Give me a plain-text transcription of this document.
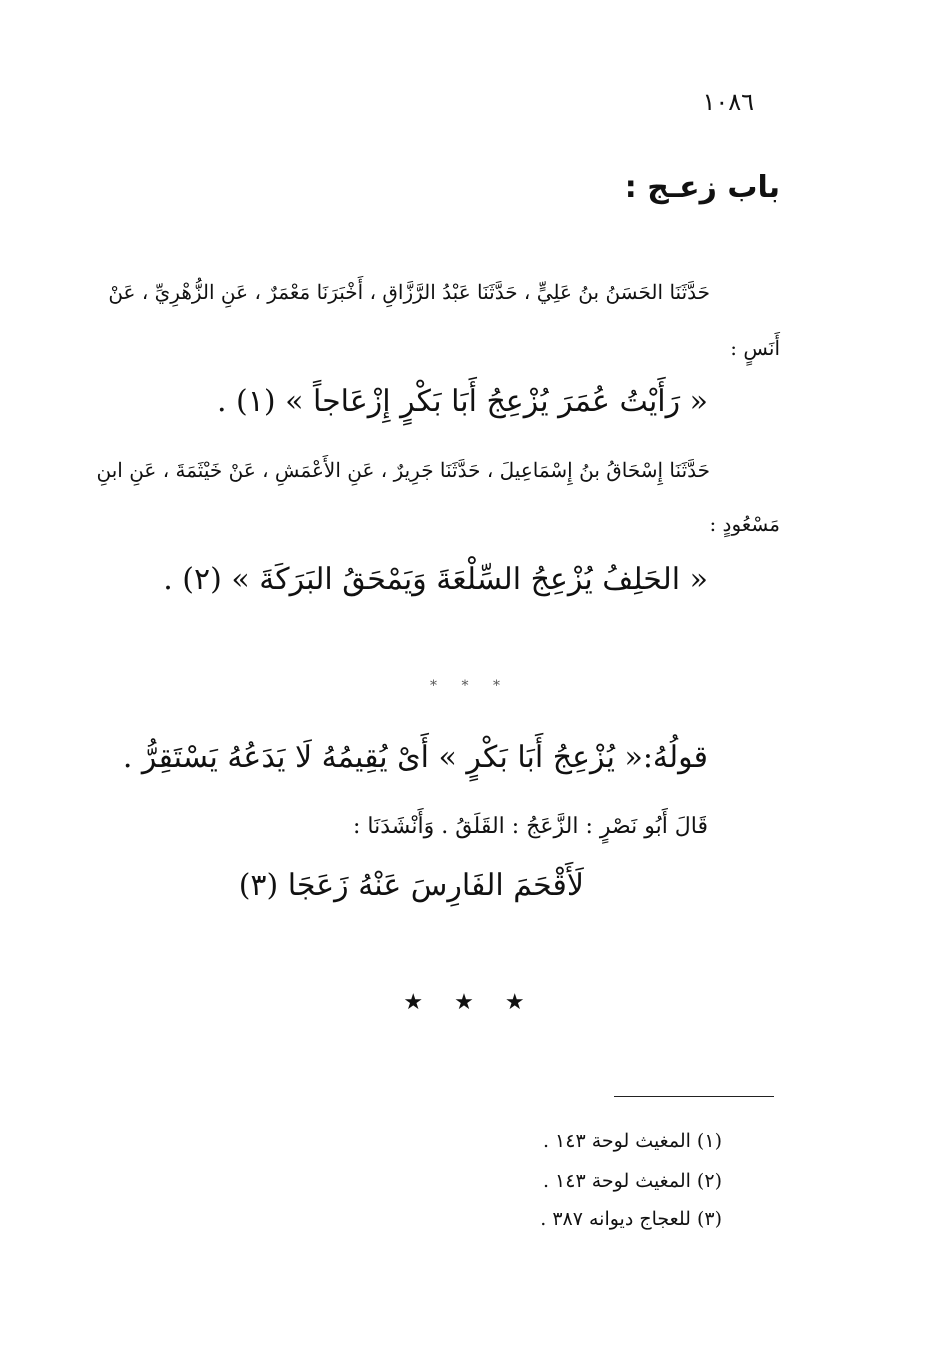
١٠٨٦
باب زعـج :
حَدَّثَنَا الحَسَنُ بنُ عَلِيٍّ ، حَدَّثَنَا عَبْدُ الرَّزَّاقِ ، أَخْبَرَنَا مَعْمَرٌ ، عَنِ الزُّهْرِيِّ ، عَنْ
أَنَسٍ :
« رَأَيْتُ عُمَرَ يُزْعِجُ أَبَا بَكْرٍ إِزْعَاجاً » (١) .
حَدَّثَنَا إِسْحَاقُ بنُ إِسْمَاعِيلَ ، حَدَّثَنَا جَرِيرٌ ، عَنِ الأَعْمَشِ ، عَنْ خَيْثَمَةَ ، عَنِ ابنِ
مَسْعُودٍ :
« الحَلِفُ يُزْعِجُ السِّلْعَةَ وَيَمْحَقُ البَرَكَةَ » (٢) .
* * *
قولُهُ:« يُزْعِجُ أَبَا بَكْرٍ » أَىْ يُقِيمُهُ لَا يَدَعُهُ يَسْتَقِرُّ .
قَالَ أَبُو نَصْرٍ : الزَّعَجُ : القَلَقُ . وَأَنْشَدَنَا :
لَأَقْحَمَ الفَارِسَ عَنْهُ زَعَجَا (٣)
★ ★ ★
(١) المغيث لوحة ١٤٣ .
(٢) المغيث لوحة ١٤٣ .
(٣) للعجاج ديوانه ٣٨٧ .
